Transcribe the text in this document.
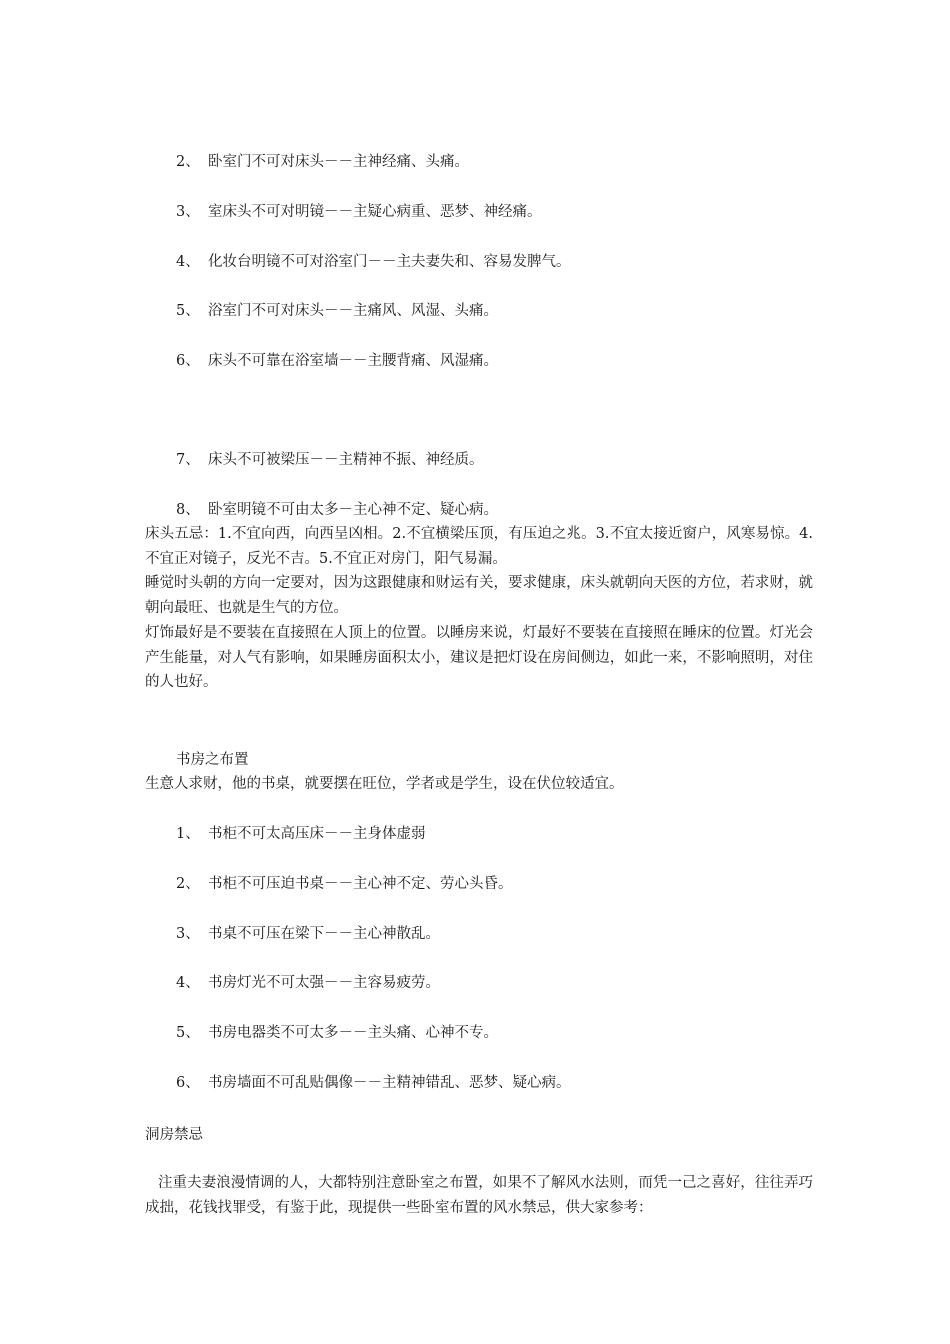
2、 卧室门不可对床头－－主神经痛、头痛。
3、 室床头不可对明镜－－主疑心病重、恶梦、神经痛。
4、 化妆台明镜不可对浴室门－－主夫妻失和、容易发脾气。
5、 浴室门不可对床头－－主痛风、风湿、头痛。
6、 床头不可靠在浴室墙－－主腰背痛、风湿痛。
7、 床头不可被梁压－－主精神不振、神经质。
8、 卧室明镜不可由太多－主心神不定、疑心病。
床头五忌：1.不宜向西，向西呈凶相。2.不宜横梁压顶，有压迫之兆。3.不宜太接近窗户，风寒易惊。4.不宜正对镜子，反光不吉。5.不宜正对房门，阳气易漏。
睡觉时头朝的方向一定要对，因为这跟健康和财运有关，要求健康，床头就朝向天医的方位，若求财，就朝向最旺、也就是生气的方位。
灯饰最好是不要装在直接照在人顶上的位置。以睡房来说，灯最好不要装在直接照在睡床的位置。灯光会产生能量，对人气有影响，如果睡房面积太小，建议是把灯设在房间侧边，如此一来，不影响照明，对住的人也好。
书房之布置
生意人求财，他的书桌，就要摆在旺位，学者或是学生，设在伏位较适宜。
1、 书柜不可太高压床－－主身体虚弱
2、 书柜不可压迫书桌－－主心神不定、劳心头昏。
3、 书桌不可压在梁下－－主心神散乱。
4、 书房灯光不可太强－－主容易疲劳。
5、 书房电器类不可太多－－主头痛、心神不专。
6、 书房墙面不可乱贴偶像－－主精神错乱、恶梦、疑心病。
洞房禁忌
注重夫妻浪漫情调的人，大都特别注意卧室之布置，如果不了解风水法则，而凭一己之喜好，往往弄巧成拙，花钱找罪受，有鉴于此，现提供一些卧室布置的风水禁忌，供大家参考：
